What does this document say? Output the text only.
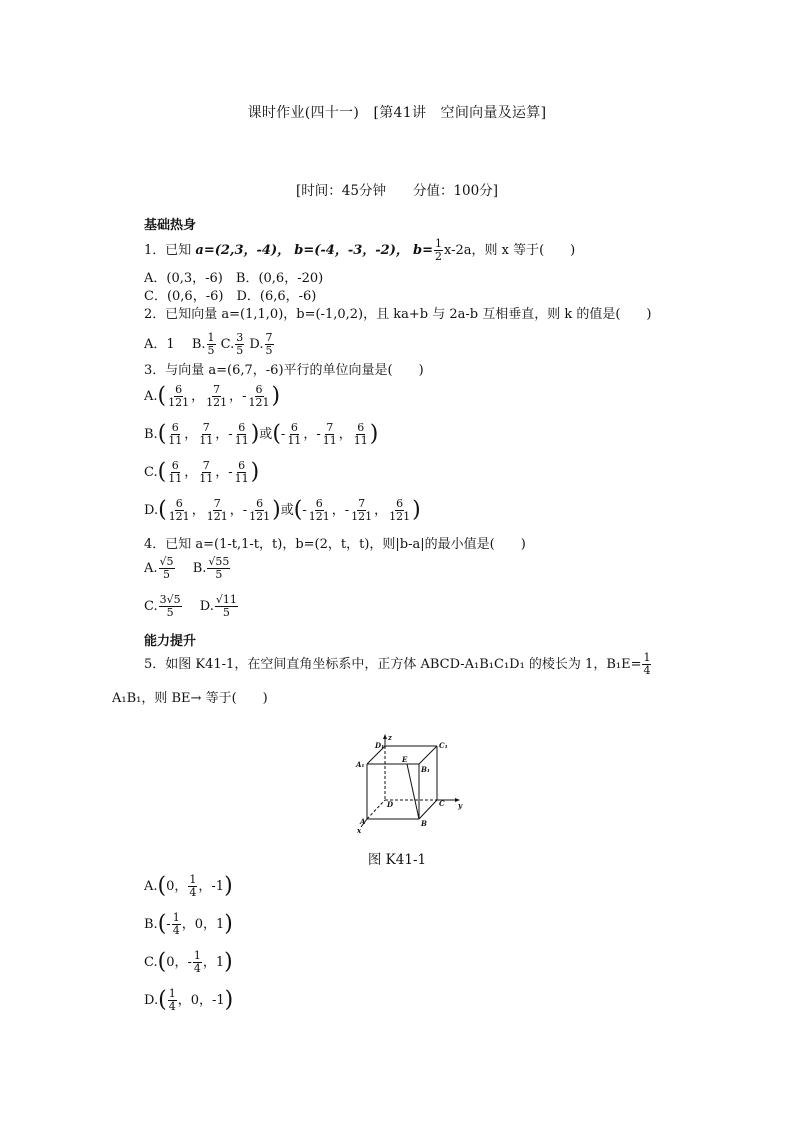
课时作业(四十一)　[第41讲　空间向量及运算]
[时间：45分钟　　分值：100分]
基础热身
1．已知 a=(2,3，-4)， b=(-4，-3，-2)， $b= \frac{1}{2} x-2a$，则 x 等于(　　)
A．(0,3，-6)　 B．(0,6，-20)
C．(0,6，-6)　 D．(6,6，-6)
2．已知向量 a=(1,1,0)，b=(-1,0,2)，且 ka+b 与 2a-b 互相垂直，则 k 的值是(　　)
A．1　 B. $\frac{1}{5} C$. $\frac{3}{5} D$. $\frac{7}{5}$
3．与向量 a=(6,7，-6)平行的单位向量是(　　)
$A.( \frac{6}{121}$ ， $\frac{7}{121}$ ，- $\frac{6}{121}$ )
$B.( \frac{6}{11}$ ， $\frac{7}{11}$ ，- $\frac{6}{11}$ )或(- $\frac{6}{11}$ ，- $\frac{7}{11}$ ， $\frac{6}{11}$ )
$C.( \frac{6}{11}$ ， $\frac{7}{11}$ ，- $\frac{6}{11}$ )
$D.( \frac{6}{121}$ ， $\frac{7}{121}$ ，- $\frac{6}{121}$ )或(- $\frac{6}{121}$ ，- $\frac{7}{121}$ ， $\frac{6}{121}$ )
4．已知 a=(1-t,1-t，t)，b=(2，t，t)，则|b-a|的最小值是(　　)
A. $\frac{√5}{5}$
　 B. $\frac{√55}{5}$
C. $\frac{3√5}{5}$
　 D. $\frac{√11}{5}$
能力提升
5．如图 K41-1，在空间直角坐标系中，正方体 ABCD-A₁B₁C₁D₁ 的棱长为 1，$B_1E= \frac{1}{4}$
A₁B₁，则 BE→ 等于(　　)
z
y
x
A	B
C
D
A₁
B₁
C₁
D₁
E
图 K41-1
A.(0， $\frac{1}{4}$ ，-1)
$B.(- \frac{1}{4}$ ，0，1)
C.(0，- $\frac{1}{4}$ ，1)
$D.( \frac{1}{4}$ ，0，-1)
